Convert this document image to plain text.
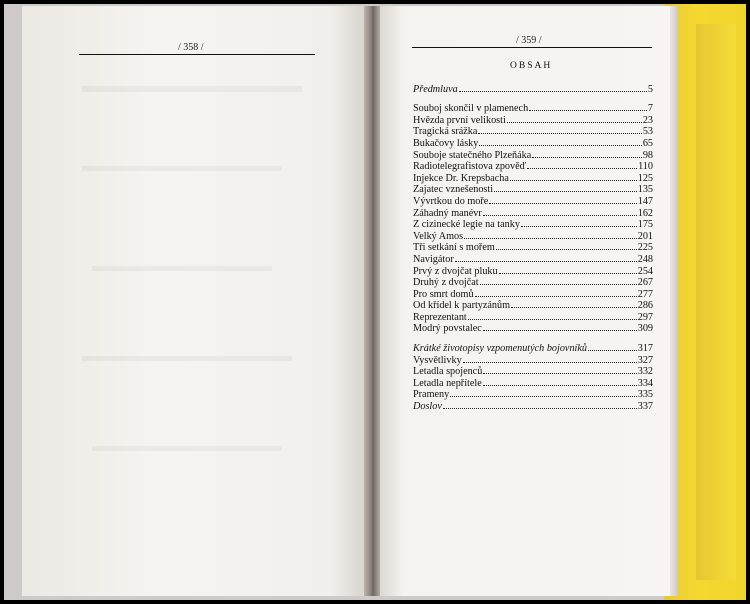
/ 358 /
/ 359 /
OBSAH
Předmluva	5
Souboj skončil v plamenech	7
Hvězda první velikosti	23
Tragická srážka	53
Bukačovy lásky	65
Souboje statečného Plzeňáka	98
Radiotelegrafistova zpověď	110
Injekce Dr. Krepsbacha	125
Zajatec vznešenosti	135
Vývrtkou do moře	147
Záhadný manévr	162
Z cizinecké legie na tanky	175
Velký Amos	201
Tři setkání s mořem	225
Navigátor	248
Prvý z dvojčat pluku	254
Druhý z dvojčat	267
Pro smrt domů	277
Od křídel k partyzánům	286
Reprezentant	297
Modrý povstalec	309
Krátké životopisy vzpomenutých bojovníků	317
Vysvětlivky	327
Letadla spojenců	332
Letadla nepřítele	334
Prameny	335
Doslov	337
